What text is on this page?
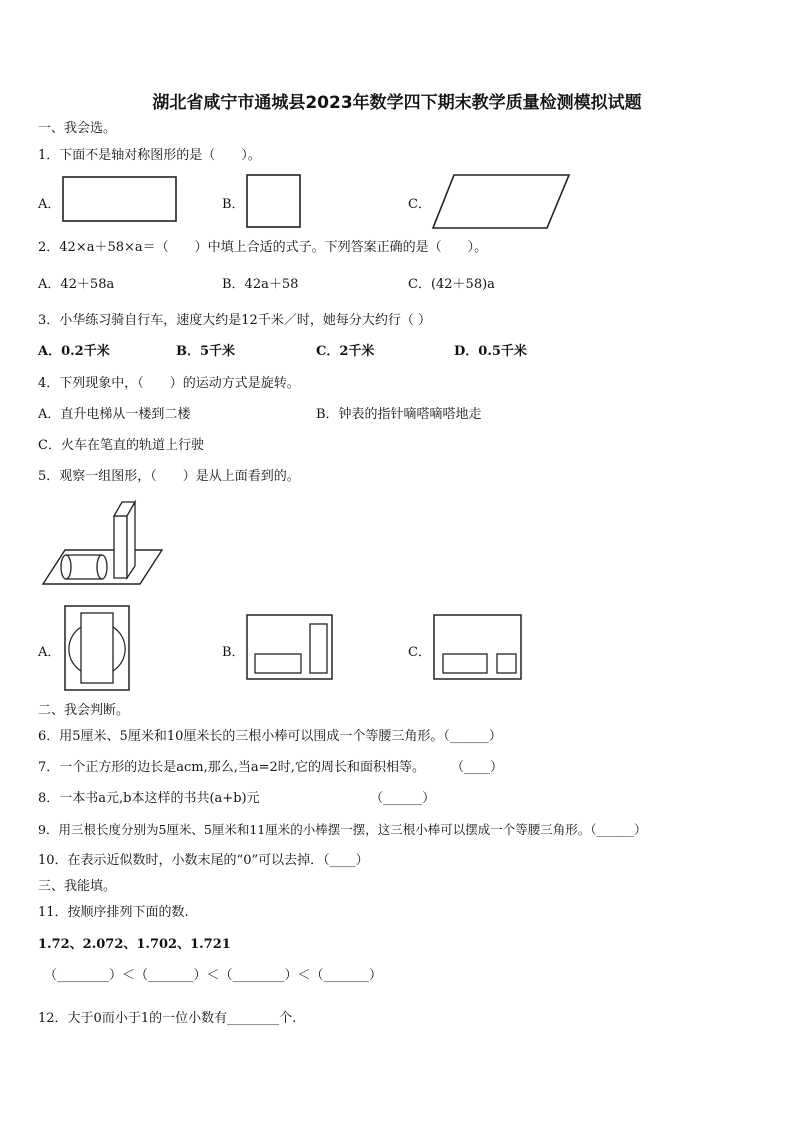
湖北省咸宁市通城县2023年数学四下期末教学质量检测模拟试题
一、我会选。
1．下面不是轴对称图形的是（　　）。
A．	B．	C．
2．42×a＋58×a＝（　　）中填上合适的式子。下列答案正确的是（　　）。
A．42＋58a	B．42a＋58	C．(42＋58)a
3．小华练习骑自行车，速度大约是12千米／时，她每分大约行（ ）
A．0.2千米	B．5千米	C．2千米	D．0.5千米
4．下列现象中，（　　）的运动方式是旋转。
A．直升电梯从一楼到二楼	B．钟表的指针嘀嗒嘀嗒地走
C．火车在笔直的轨道上行驶
5．观察一组图形，（　　）是从上面看到的。
A．	B．	C．
二、我会判断。
6．用5厘米、5厘米和10厘米长的三根小棒可以围成一个等腰三角形。（______）
7．一个正方形的边长是acm,那么,当a=2时,它的周长和面积相等。　　　（____）
8．一本书a元,b本这样的书共(a+b)元　　　　　　　　　（______）
9．用三根长度分别为5厘米、5厘米和11厘米的小棒摆一摆，这三根小棒可以摆成一个等腰三角形。（______）
10．在表示近似数时，小数末尾的“0”可以去掉．（____）
三、我能填。
11．按顺序排列下面的数.
1.72、2.072、1.702、1.721
（________）＜（_______）＜（________）＜（_______）
12．大于0而小于1的一位小数有________个.
